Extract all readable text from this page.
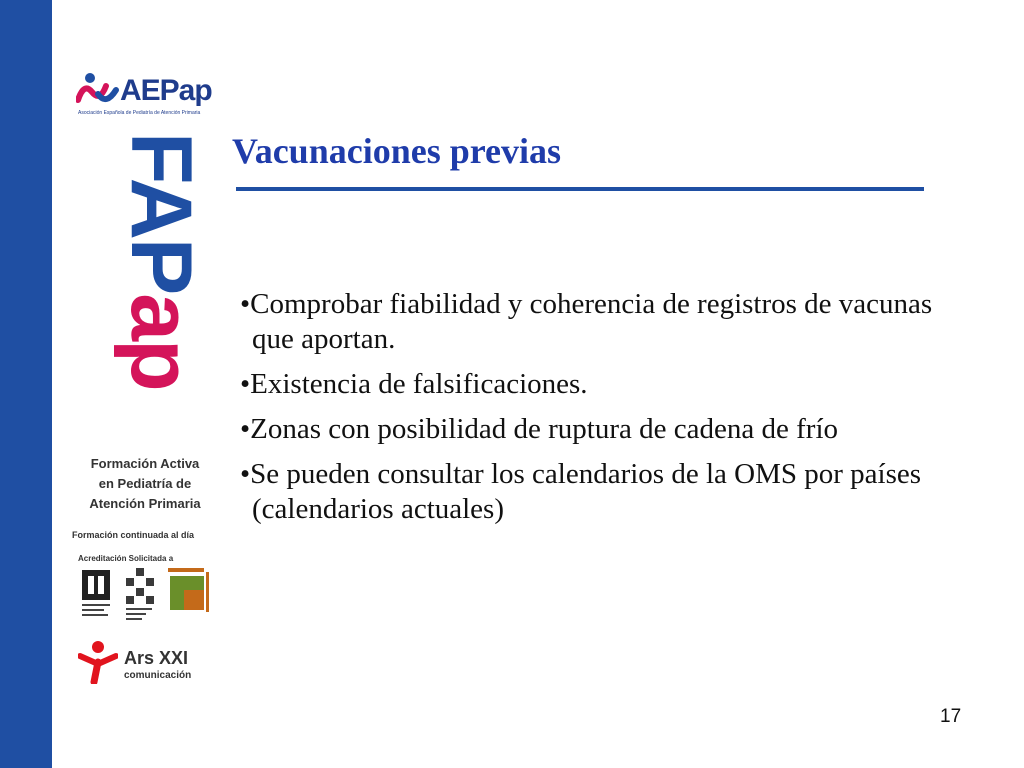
AEPap
Asociación Española de Pediatría de Atención Primaria
FAPap
Formación Activa
en Pediatría de
Atención Primaria
Formación continuada al día
Acreditación Solicitada a
Ars XXI
comunicación
Vacunaciones previas
•Comprobar fiabilidad y coherencia de registros de vacunas que aportan.
•Existencia de falsificaciones.
•Zonas con posibilidad de ruptura de cadena de frío
•Se pueden consultar los calendarios de la OMS por países (calendarios actuales)
17
